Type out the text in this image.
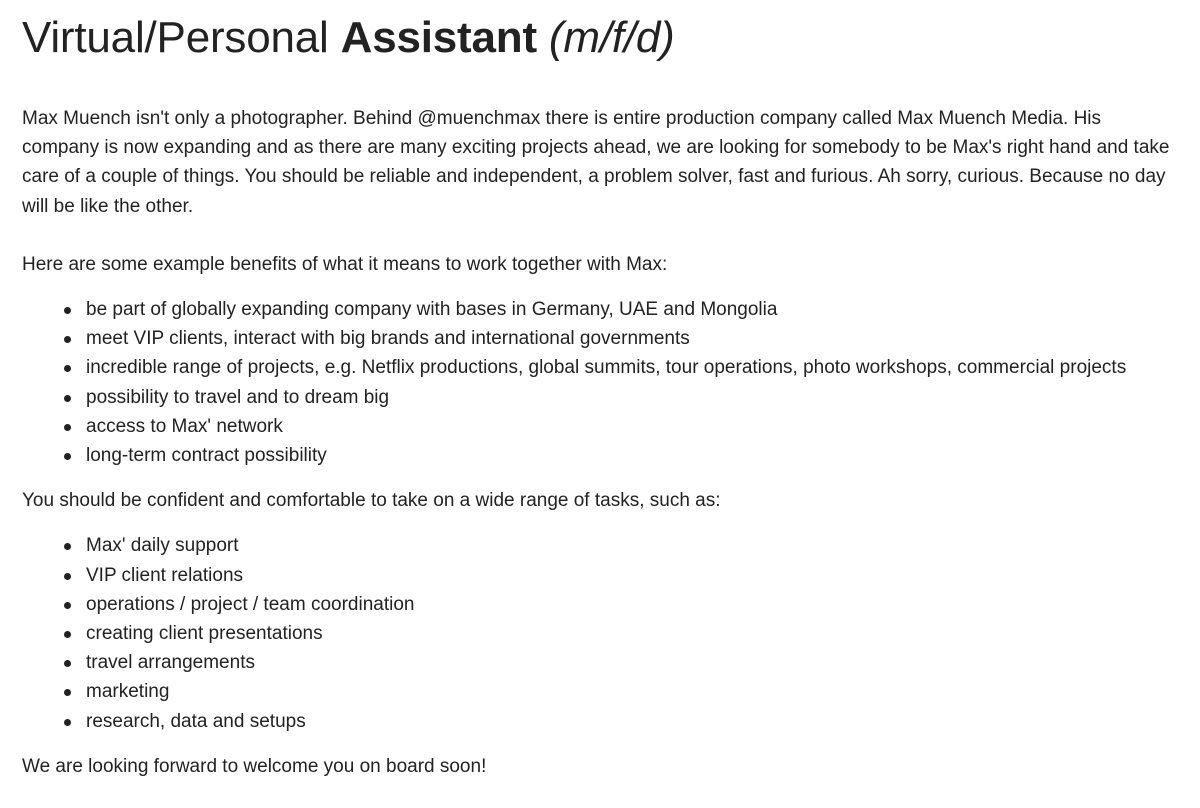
Virtual/Personal Assistant (m/f/d)

Max Muench isn't only a photographer. Behind @muenchmax there is entire production company called Max Muench Media. His company is now expanding and as there are many exciting projects ahead, we are looking for somebody to be Max's right hand and take care of a couple of things. You should be reliable and independent, a problem solver, fast and furious. Ah sorry, curious. Because no day will be like the other.

Here are some example benefits of what it means to work together with Max:

be part of globally expanding company with bases in Germany, UAE and Mongolia
meet VIP clients, interact with big brands and international governments
incredible range of projects, e.g. Netflix productions, global summits, tour operations, photo workshops, commercial projects
possibility to travel and to dream big
access to Max' network
long-term contract possibility

You should be confident and comfortable to take on a wide range of tasks, such as:

Max' daily support
VIP client relations
operations / project / team coordination
creating client presentations
travel arrangements
marketing
research, data and setups

We are looking forward to welcome you on board soon!
